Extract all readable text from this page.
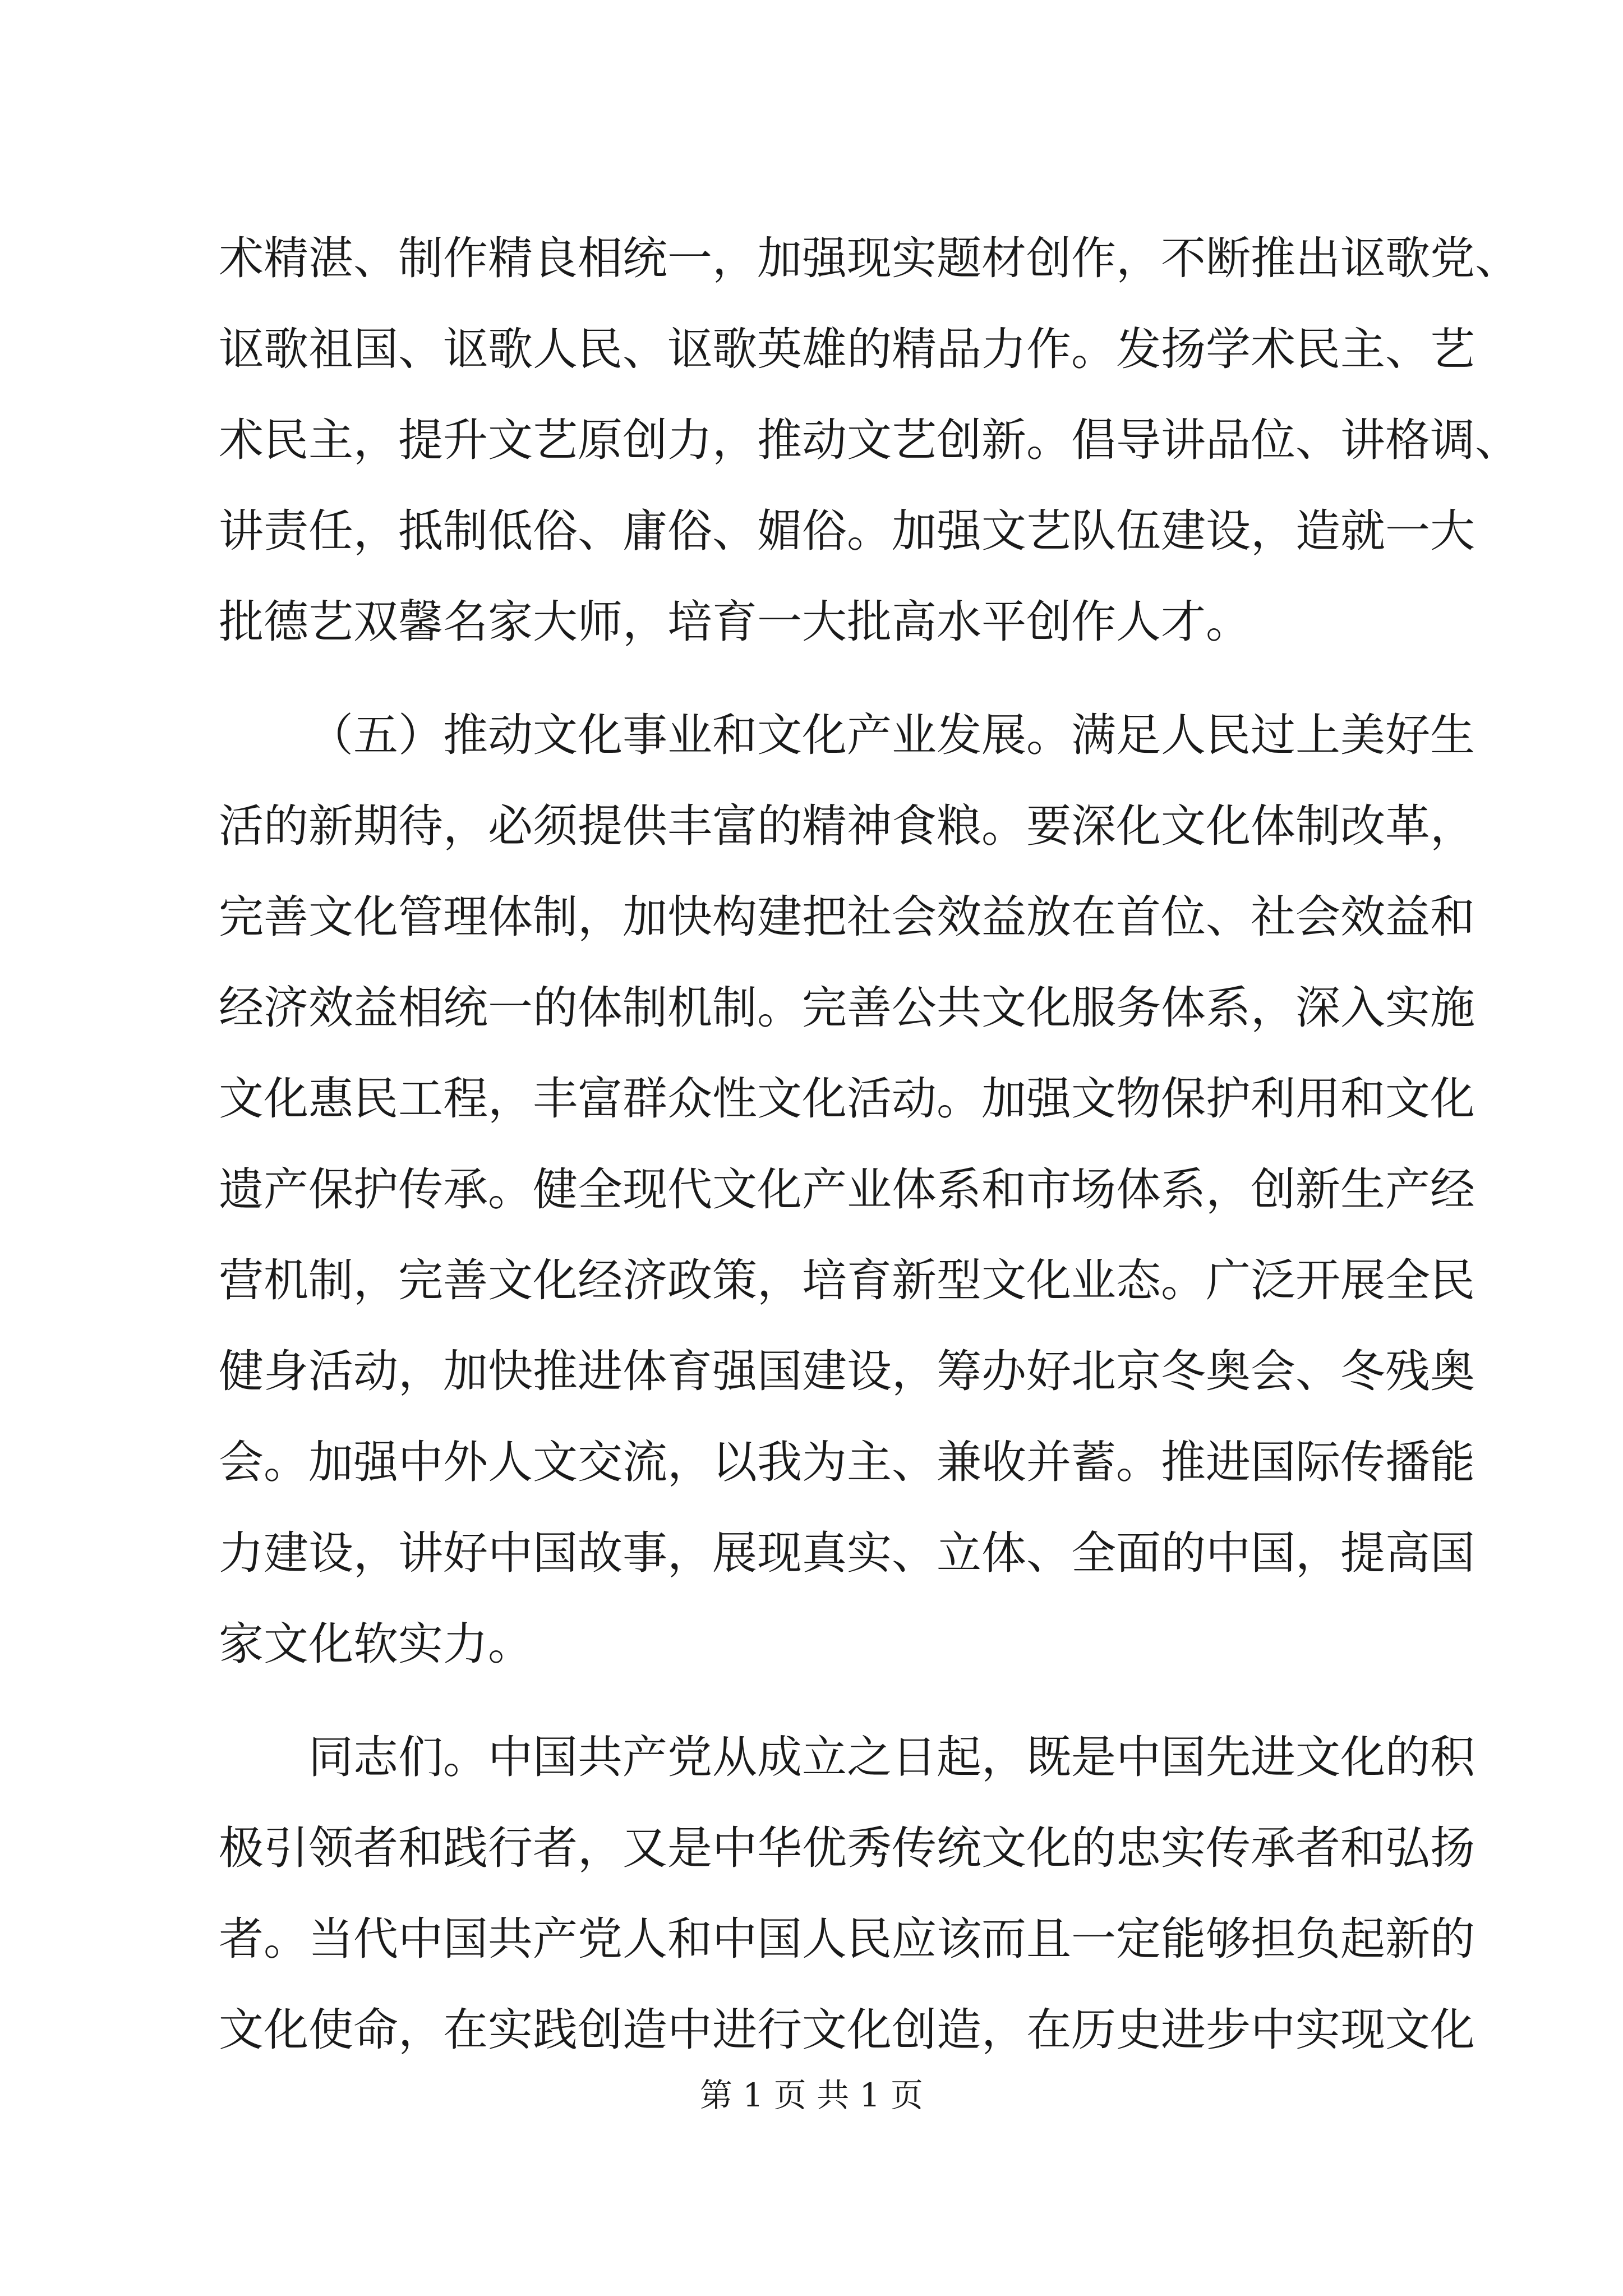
术精湛、制作精良相统一，加强现实题材创作，不断推出讴歌党、
讴歌祖国、讴歌人民、讴歌英雄的精品力作。发扬学术民主、艺
术民主，提升文艺原创力，推动文艺创新。倡导讲品位、讲格调、
讲责任，抵制低俗、庸俗、媚俗。加强文艺队伍建设，造就一大
批德艺双馨名家大师，培育一大批高水平创作人才。
（五）推动文化事业和文化产业发展。满足人民过上美好生
活的新期待，必须提供丰富的精神食粮。要深化文化体制改革，
完善文化管理体制，加快构建把社会效益放在首位、社会效益和
经济效益相统一的体制机制。完善公共文化服务体系，深入实施
文化惠民工程，丰富群众性文化活动。加强文物保护利用和文化
遗产保护传承。健全现代文化产业体系和市场体系，创新生产经
营机制，完善文化经济政策，培育新型文化业态。广泛开展全民
健身活动，加快推进体育强国建设，筹办好北京冬奥会、冬残奥
会。加强中外人文交流，以我为主、兼收并蓄。推进国际传播能
力建设，讲好中国故事，展现真实、立体、全面的中国，提高国
家文化软实力。
同志们。中国共产党从成立之日起，既是中国先进文化的积
极引领者和践行者，又是中华优秀传统文化的忠实传承者和弘扬
者。当代中国共产党人和中国人民应该而且一定能够担负起新的
文化使命，在实践创造中进行文化创造，在历史进步中实现文化
第 1 页 共 1 页
